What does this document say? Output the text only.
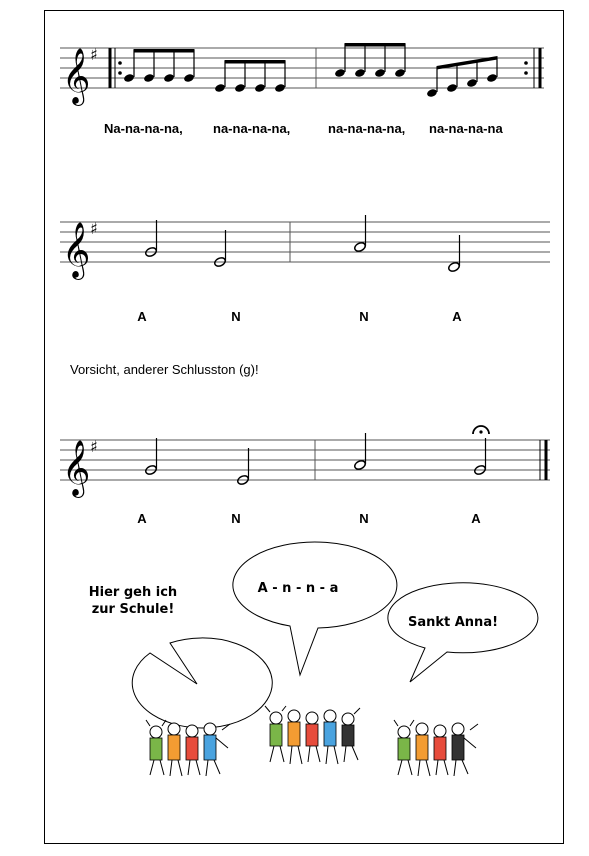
𝄞 ♯
Na-na-na-na, na-na-na-na,	na-na-na-na, na-na-na-na
𝄞 ♯
A	N	N	A
Vorsicht, anderer Schlusston (g)!
𝄞 ♯
A	N	N	A
Hier geh ich
zur Schule!
A - n - n - a
Sankt Anna!
